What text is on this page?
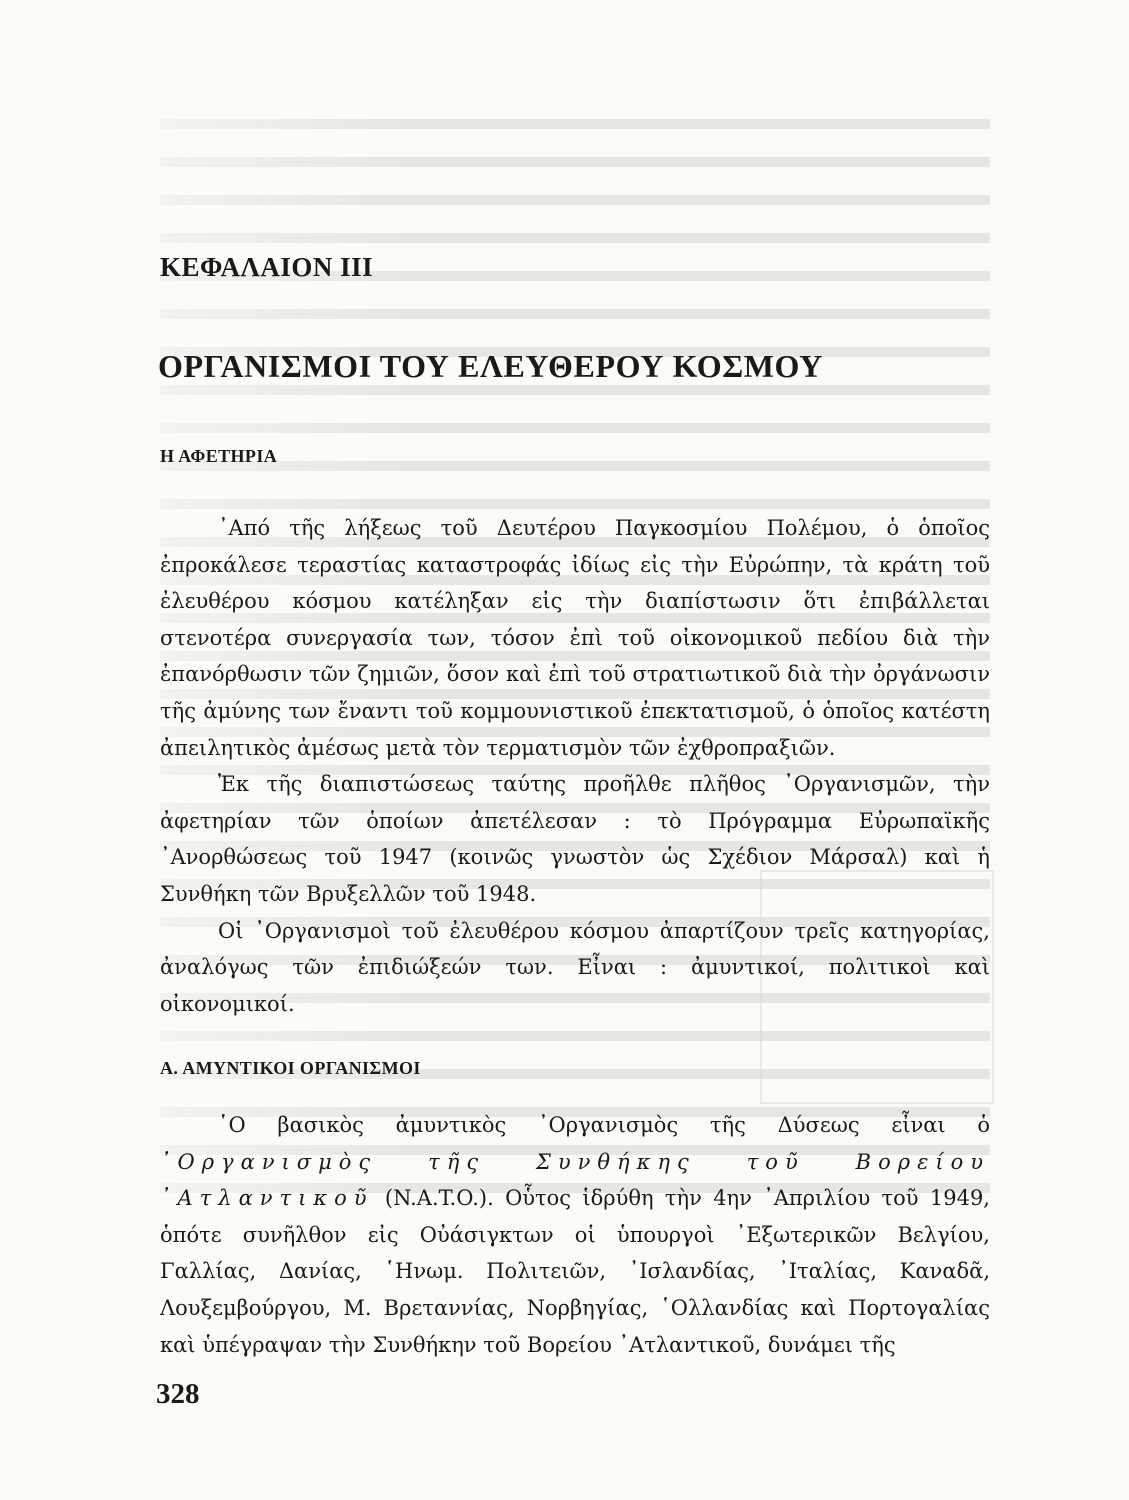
ΚΕΦΑΛΑΙΟΝ ΙΙΙ
ΟΡΓΑΝΙΣΜΟΙ ΤΟΥ ΕΛΕΥΘΕΡΟΥ ΚΟΣΜΟΥ
Η ΑΦΕΤΗΡΙΑ

᾿Από τῆς λήξεως τοῦ Δευτέρου Παγκοσμίου Πολέμου, ὁ ὁποῖος ἐπροκάλεσε τεραστίας καταστροφάς ἰδίως εἰς τὴν Εὐρώπην, τὰ κράτη τοῦ ἐλευθέρου κόσμου κατέληξαν εἰς τὴν διαπίστωσιν ὅτι ἐπιβάλλεται στενοτέρα συνεργασία των, τόσον ἐπὶ τοῦ οἰκονομικοῦ πεδίου διὰ τὴν ἐπανόρθωσιν τῶν ζημιῶν, ὅσον καὶ ἐπὶ τοῦ στρατιωτικοῦ διὰ τὴν ὀργάνωσιν τῆς ἀμύνης των ἔναντι τοῦ κομμουνιστικοῦ ἐπεκτατισμοῦ, ὁ ὁποῖος κατέστη ἀπειλητικὸς ἀμέσως μετὰ τὸν τερματισμὸν τῶν ἐχθροπραξιῶν.

Ἐκ τῆς διαπιστώσεως ταύτης προῆλθε πλῆθος ᾿Οργανισμῶν, τὴν ἀφετηρίαν τῶν ὁποίων ἀπετέλεσαν : τὸ Πρόγραμμα Εὐρωπαϊκῆς ᾿Ανορθώσεως τοῦ 1947 (κοινῶς γνωστὸν ὡς Σχέδιον Μάρσαλ) καὶ ἡ Συνθήκη τῶν Βρυξελλῶν τοῦ 1948.

Οἱ ᾿Οργανισμοὶ τοῦ ἐλευθέρου κόσμου ἀπαρτίζουν τρεῖς κατηγορίας, ἀναλόγως τῶν ἐπιδιώξεών των. Εἶναι : ἀμυντικοί, πολιτικοὶ καὶ οἰκονομικοί.

Α. ΑΜΥΝΤΙΚΟΙ ΟΡΓΑΝΙΣΜΟΙ

῾Ο βασικὸς ἀμυντικὸς ᾿Οργανισμὸς τῆς Δύσεως εἶναι ὁ ᾿Οργανισμὸς τῆς Συνθήκης τοῦ Βορείου ᾿Ατλαντικοῦ (N.A.T.O.). Οὗτος ἱδρύθη τὴν 4ην ᾿Απριλίου τοῦ 1949, ὁπότε συνῆλθον εἰς Οὐάσιγκτων οἱ ὑπουργοὶ ᾿Εξωτερικῶν Βελγίου, Γαλλίας, Δανίας, ῾Ηνωμ. Πολιτειῶν, ᾿Ισλανδίας, ᾿Ιταλίας, Καναδᾶ, Λουξεμβούργου, Μ. Βρεταννίας, Νορβηγίας, ῾Ολλανδίας καὶ Πορτογαλίας καὶ ὑπέγραψαν τὴν Συνθήκην τοῦ Βορείου ᾿Ατλαντικοῦ, δυνάμει τῆς

328
